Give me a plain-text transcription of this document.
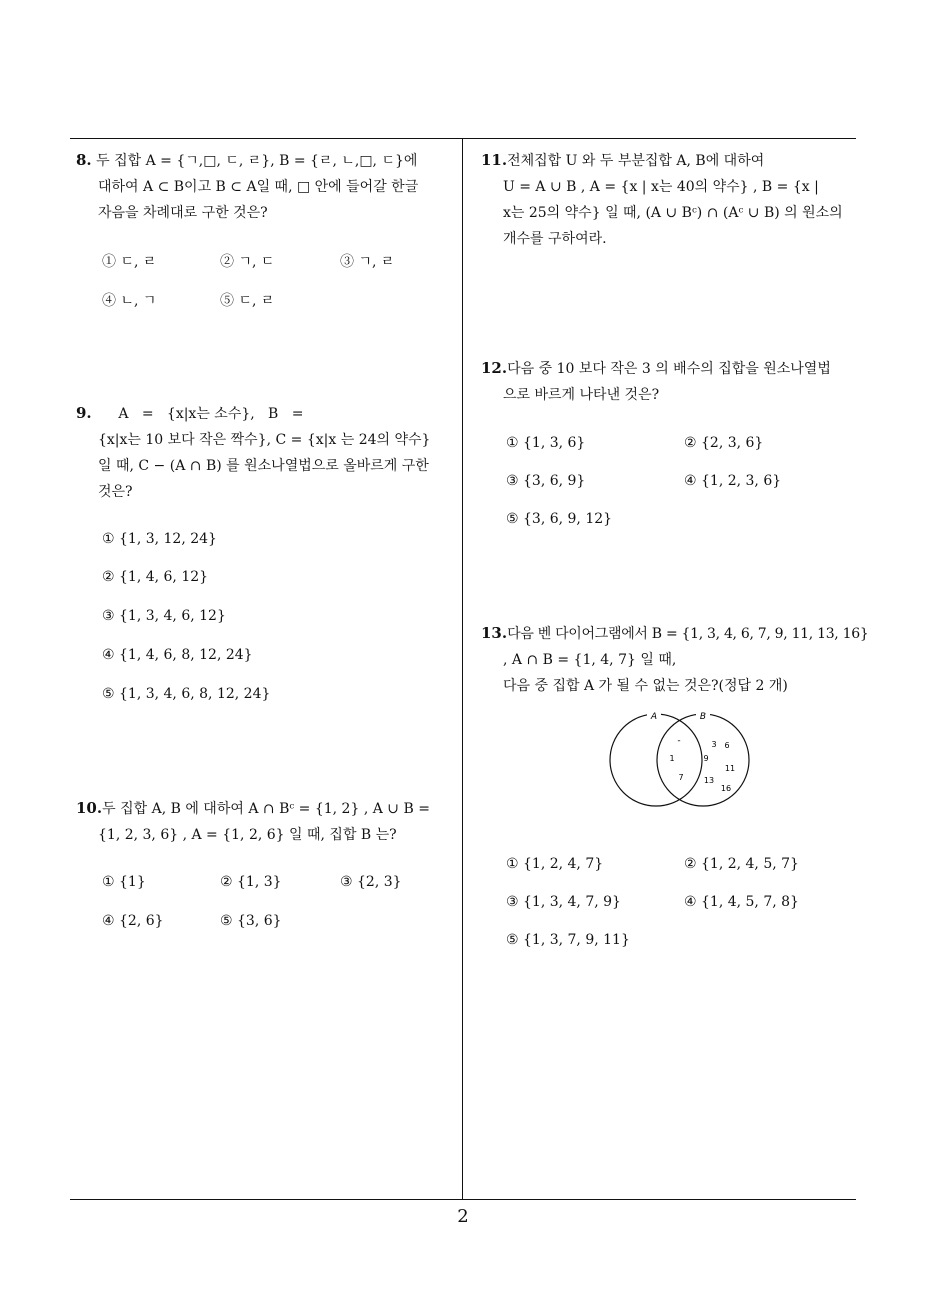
8. 두 집합 A = {ㄱ,□, ㄷ, ㄹ}, B = {ㄹ, ㄴ,□, ㄷ}에
대하여 A ⊂ B이고 B ⊂ A일 때, □ 안에 들어갈 한글
자음을 차례대로 구한 것은?
① ㄷ, ㄹ	② ㄱ, ㄷ	③ ㄱ, ㄹ
④ ㄴ, ㄱ	⑤ ㄷ, ㄹ
9. A   =   {x|x는 소수},   B   =
{x|x는 10 보다 작은 짝수}, C = {x|x 는 24의 약수}
일 때, C − (A ∩ B) 를 원소나열법으로 올바르게 구한
것은?
① {1, 3, 12, 24}
② {1, 4, 6, 12}
③ {1, 3, 4, 6, 12}
④ {1, 4, 6, 8, 12, 24}
⑤ {1, 3, 4, 6, 8, 12, 24}
10.두 집합 A, B 에 대하여 A ∩ Bᶜ = {1, 2} , A ∪ B =
{1, 2, 3, 6} , A = {1, 2, 6} 일 때, 집합 B 는?
① {1}	② {1, 3}	③ {2, 3}
④ {2, 6}	⑤ {3, 6}
11.전체집합 U 와 두 부분집합 A, B에 대하여
U = A ∪ B , A = {x | x는 40의 약수} , B = {x |
x는 25의 약수} 일 때, (A ∪ Bᶜ) ∩ (Aᶜ ∪ B) 의 원소의
개수를 구하여라.
12.다음 중 10 보다 작은 3 의 배수의 집합을 원소나열법
으로 바르게 나타낸 것은?
① {1, 3, 6}	② {2, 3, 6}
③ {3, 6, 9}	④ {1, 2, 3, 6}
⑤ {3, 6, 9, 12}
13.다음 벤 다이어그램에서 B = {1, 3, 4, 6, 7, 9, 11, 13, 16}
, A ∩ B = {1, 4, 7} 일 때,
다음 중 집합 A 가 될 수 없는 것은?(정답 2 개)
A	B
-
1
7
3 6
9
11
13
16
① {1, 2, 4, 7}	② {1, 2, 4, 5, 7}
③ {1, 3, 4, 7, 9}	④ {1, 4, 5, 7, 8}
⑤ {1, 3, 7, 9, 11}
2
